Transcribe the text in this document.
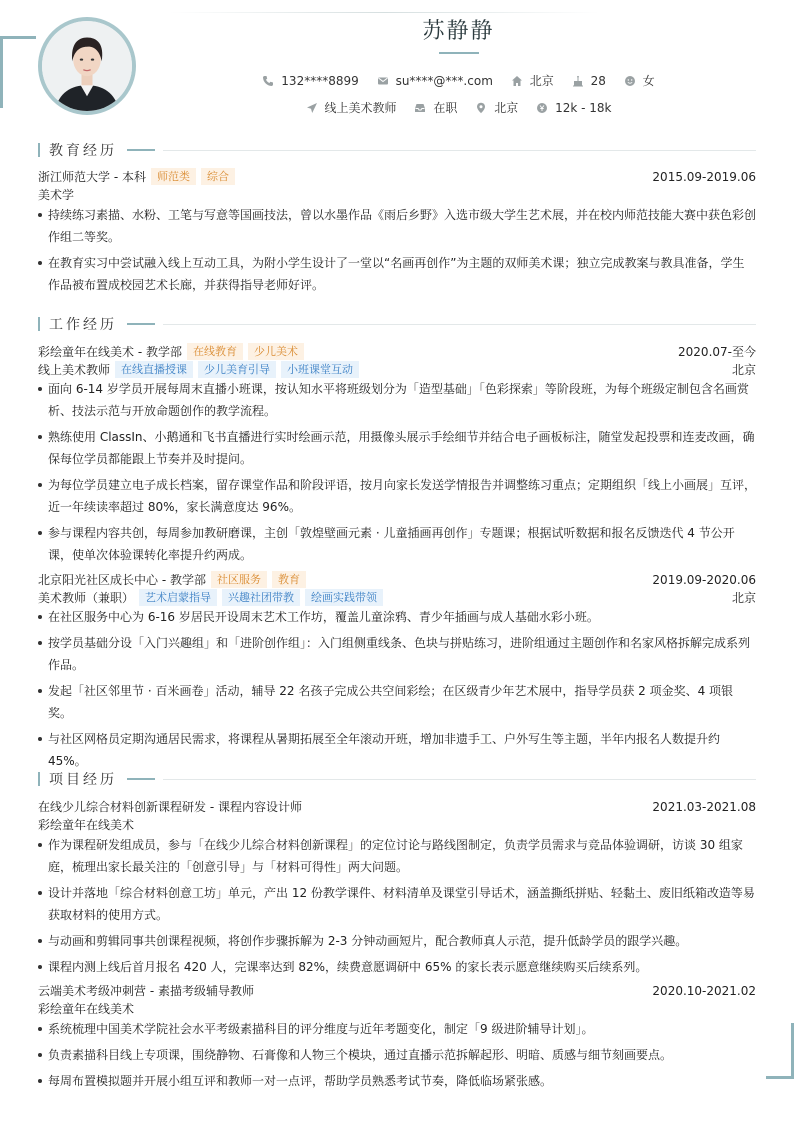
苏静静
132****8899
	su****@***.com
	北京
	28
	女
线上美术教师
	在职
	北京
	12k - 18k
教育经历
浙江师范大学 - 本科	师范类	综合	2015.09-2019.06
美术学
持续练习素描、水粉、工笔与写意等国画技法，曾以水墨作品《雨后乡野》入选市级大学生艺术展，并在校内师范技能大赛中获色彩创作组二等奖。
在教育实习中尝试融入线上互动工具，为附小学生设计了一堂以“名画再创作”为主题的双师美术课；独立完成教案与教具准备，学生作品被布置成校园艺术长廊，并获得指导老师好评。
工作经历
彩绘童年在线美术 - 教学部	在线教育	少儿美术	2020.07-至今
线上美术教师	在线直播授课	少儿美育引导	小班课堂互动	北京
面向 6-14 岁学员开展每周末直播小班课，按认知水平将班级划分为「造型基础」「色彩探索」等阶段班，为每个班级定制包含名画赏析、技法示范与开放命题创作的教学流程。
熟练使用 ClassIn、小鹅通和飞书直播进行实时绘画示范，用摄像头展示手绘细节并结合电子画板标注，随堂发起投票和连麦改画，确保每位学员都能跟上节奏并及时提问。
为每位学员建立电子成长档案，留存课堂作品和阶段评语，按月向家长发送学情报告并调整练习重点；定期组织「线上小画展」互评，近一年续读率超过 80%，家长满意度达 96%。
参与课程内容共创，每周参加教研磨课，主创「敦煌壁画元素 · 儿童插画再创作」专题课；根据试听数据和报名反馈迭代 4 节公开课，使单次体验课转化率提升约两成。
北京阳光社区成长中心 - 教学部	社区服务	教育	2019.09-2020.06
美术教师（兼职）	艺术启蒙指导	兴趣社团带教	绘画实践带领	北京
在社区服务中心为 6-16 岁居民开设周末艺术工作坊，覆盖儿童涂鸦、青少年插画与成人基础水彩小班。
按学员基础分设「入门兴趣组」和「进阶创作组」：入门组侧重线条、色块与拼贴练习，进阶组通过主题创作和名家风格拆解完成系列作品。
发起「社区邻里节 · 百米画卷」活动，辅导 22 名孩子完成公共空间彩绘；在区级青少年艺术展中，指导学员获 2 项金奖、4 项银奖。
与社区网格员定期沟通居民需求，将课程从暑期拓展至全年滚动开班，增加非遗手工、户外写生等主题，半年内报名人数提升约 45%。
项目经历
在线少儿综合材料创新课程研发 - 课程内容设计师	2021.03-2021.08
彩绘童年在线美术
作为课程研发组成员，参与「在线少儿综合材料创新课程」的定位讨论与路线图制定，负责学员需求与竞品体验调研，访谈 30 组家庭，梳理出家长最关注的「创意引导」与「材料可得性」两大问题。
设计并落地「综合材料创意工坊」单元，产出 12 份教学课件、材料清单及课堂引导话术，涵盖撕纸拼贴、轻黏土、废旧纸箱改造等易获取材料的使用方式。
与动画和剪辑同事共创课程视频，将创作步骤拆解为 2-3 分钟动画短片，配合教师真人示范，提升低龄学员的跟学兴趣。
课程内测上线后首月报名 420 人，完课率达到 82%，续费意愿调研中 65% 的家长表示愿意继续购买后续系列。
云端美术考级冲刺营 - 素描考级辅导教师	2020.10-2021.02
彩绘童年在线美术
系统梳理中国美术学院社会水平考级素描科目的评分维度与近年考题变化，制定「9 级进阶辅导计划」。
负责素描科目线上专项课，围绕静物、石膏像和人物三个模块，通过直播示范拆解起形、明暗、质感与细节刻画要点。
每周布置模拟题并开展小组互评和教师一对一点评，帮助学员熟悉考试节奏，降低临场紧张感。
